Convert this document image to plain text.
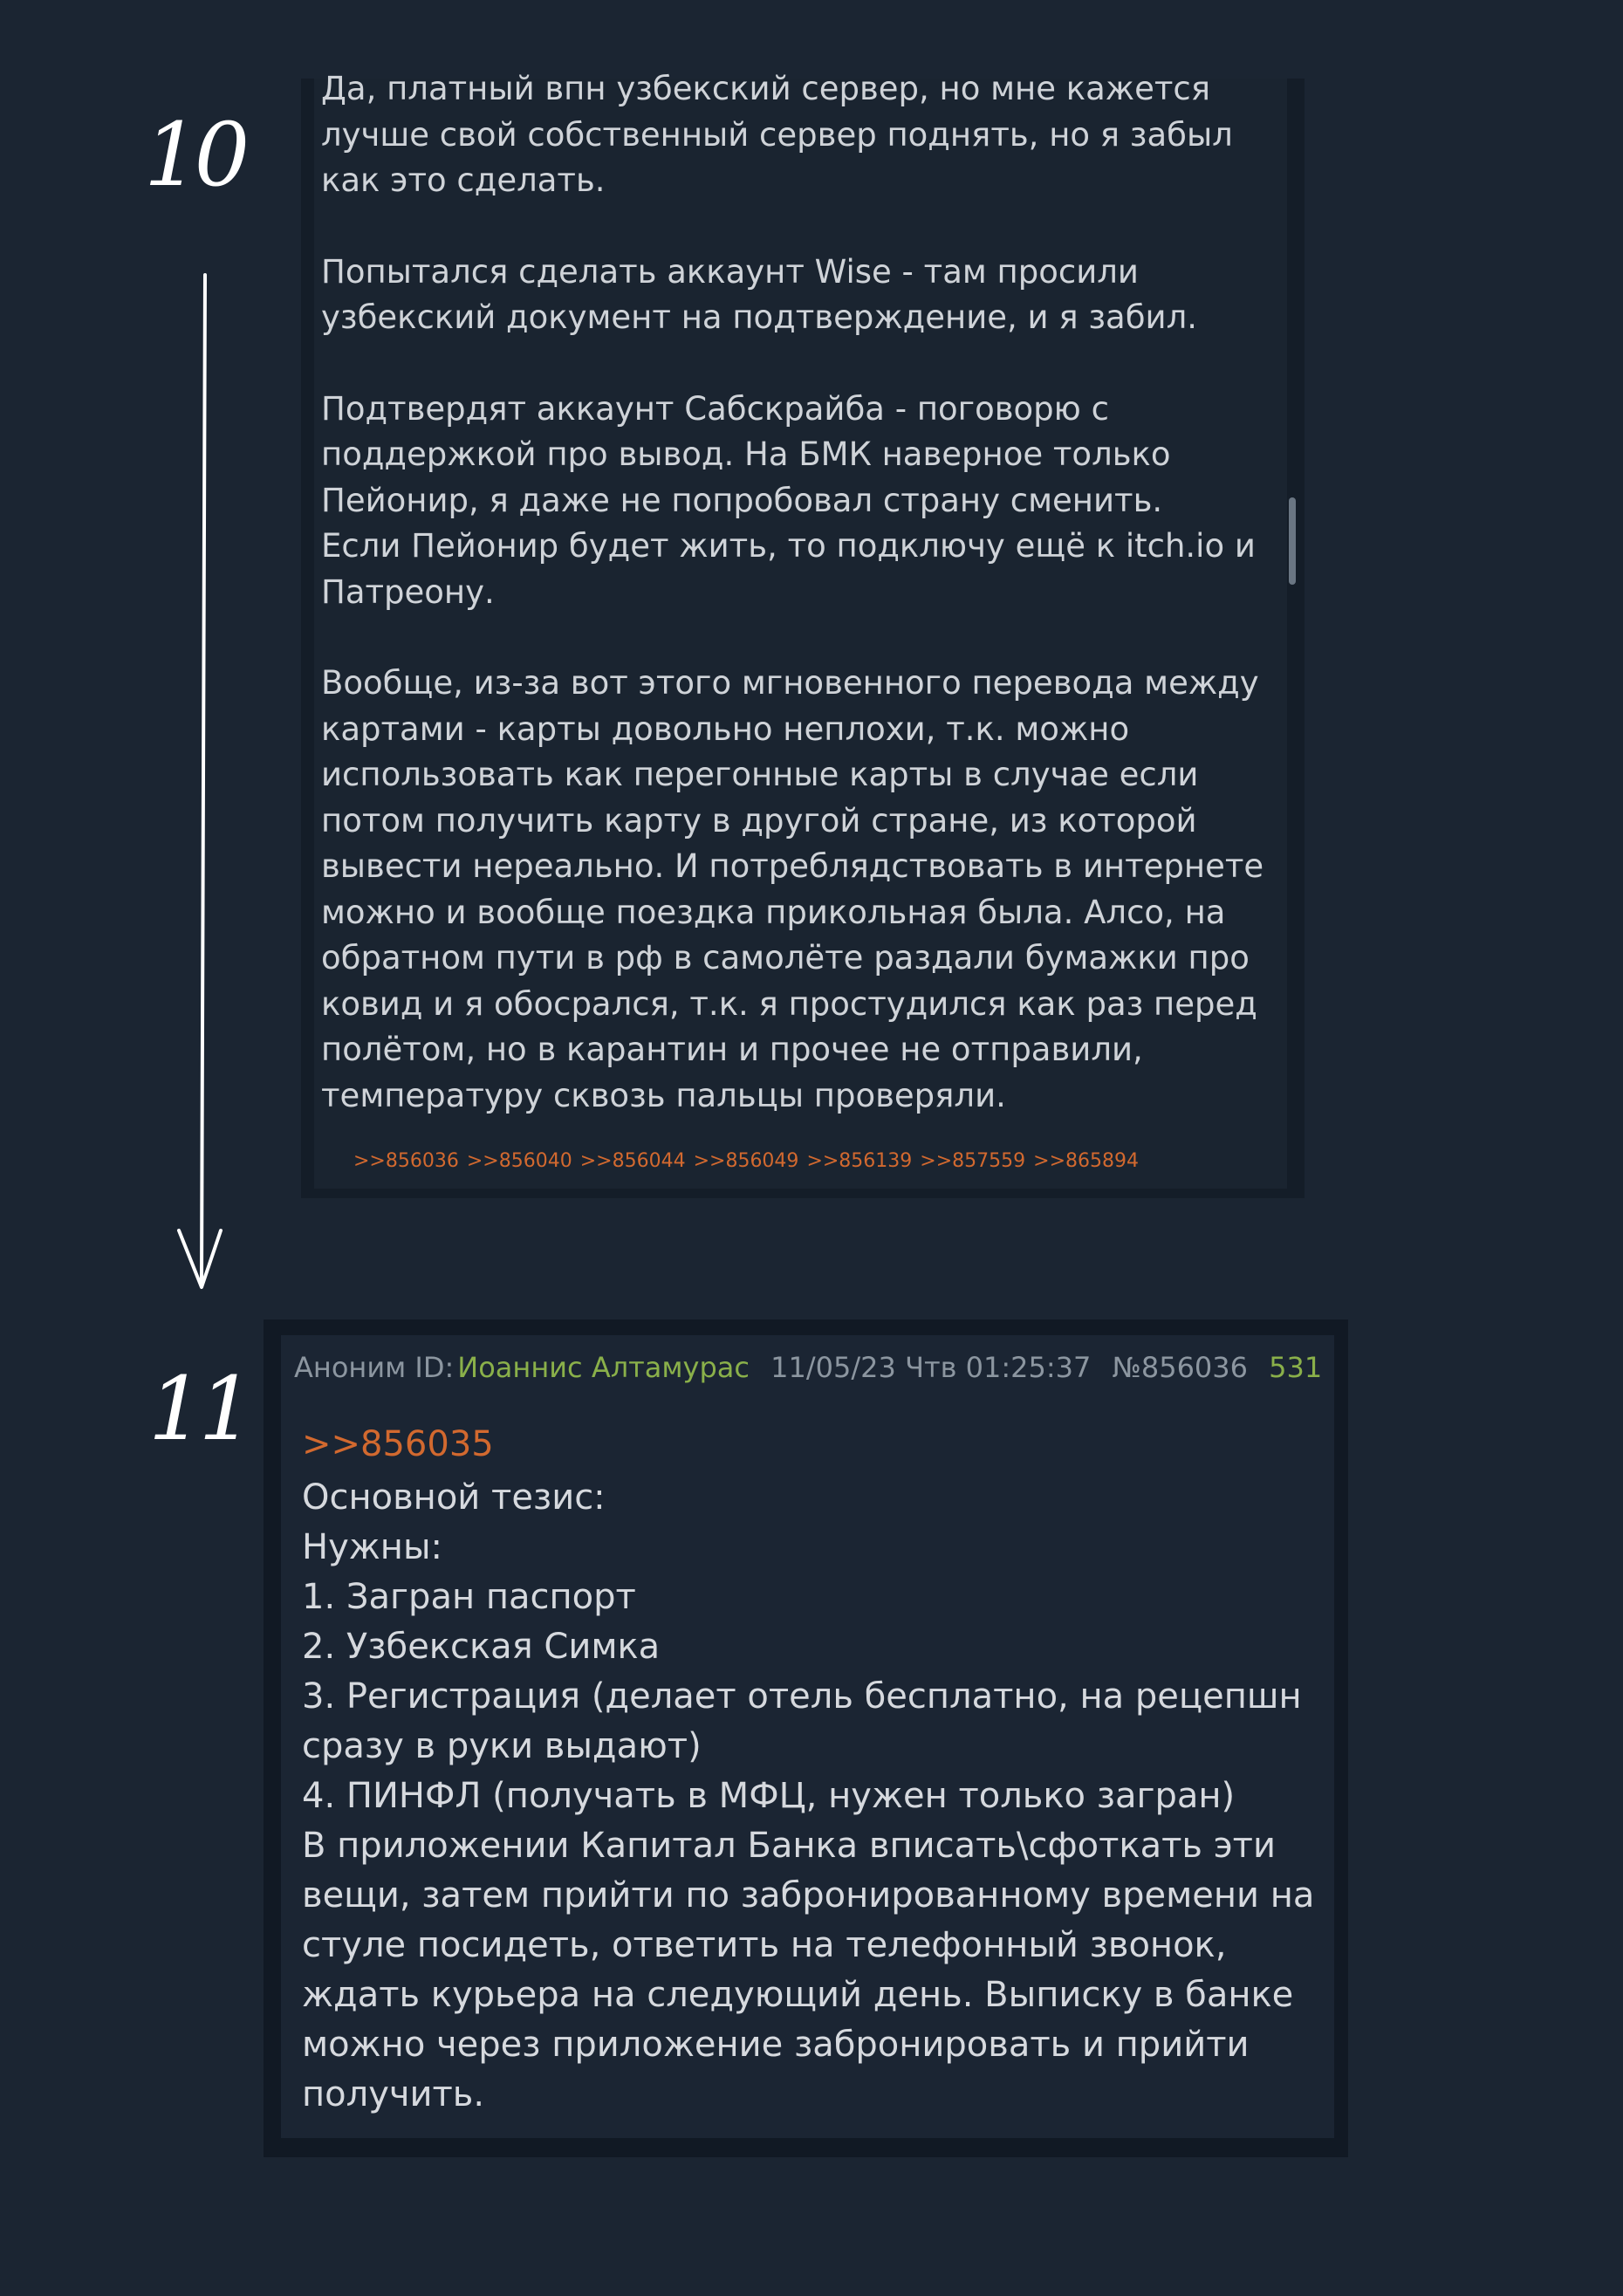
10
11

Да, платный впн узбекский сервер, но мне кажется лучше свой собственный сервер поднять, но я забыл как это сделать.

Попытался сделать аккаунт Wise - там просили узбекский документ на подтверждение, и я забил.

Подтвердят аккаунт Сабскрайба - поговорю с поддержкой про вывод. На БМК наверное только Пейонир, я даже не попробовал страну сменить.
Если Пейонир будет жить, то подключу ещё к itch.io и Патреону.

Вообще, из-за вот этого мгновенного перевода между картами - карты довольно неплохи, т.к. можно использовать как перегонные карты в случае если потом получить карту в другой стране, из которой вывести нереально. И потреблядствовать в интернете можно и вообще поездка прикольная была. Алсо, на обратном пути в рф в самолёте раздали бумажки про ковид и я обосрался, т.к. я простудился как раз перед полётом, но в карантин и прочее не отправили, температуру сквозь пальцы проверяли.

>>856036 >>856040 >>856044 >>856049 >>856139 >>857559 >>865894
Аноним ID: Иоаннис Алтамурас 11/05/23 Чтв 01:25:37 №856036 531
>>856035
Основной тезис:
Нужны:
1. Загран паспорт
2. Узбекская Симка
3. Регистрация (делает отель бесплатно, на рецепшн сразу в руки выдают)
4. ПИНФЛ (получать в МФЦ, нужен только загран)
В приложении Капитал Банка вписать\сфоткать эти вещи, затем прийти по забронированному времени на стуле посидеть, ответить на телефонный звонок, ждать курьера на следующий день. Выписку в банке можно через приложение забронировать и прийти получить.
